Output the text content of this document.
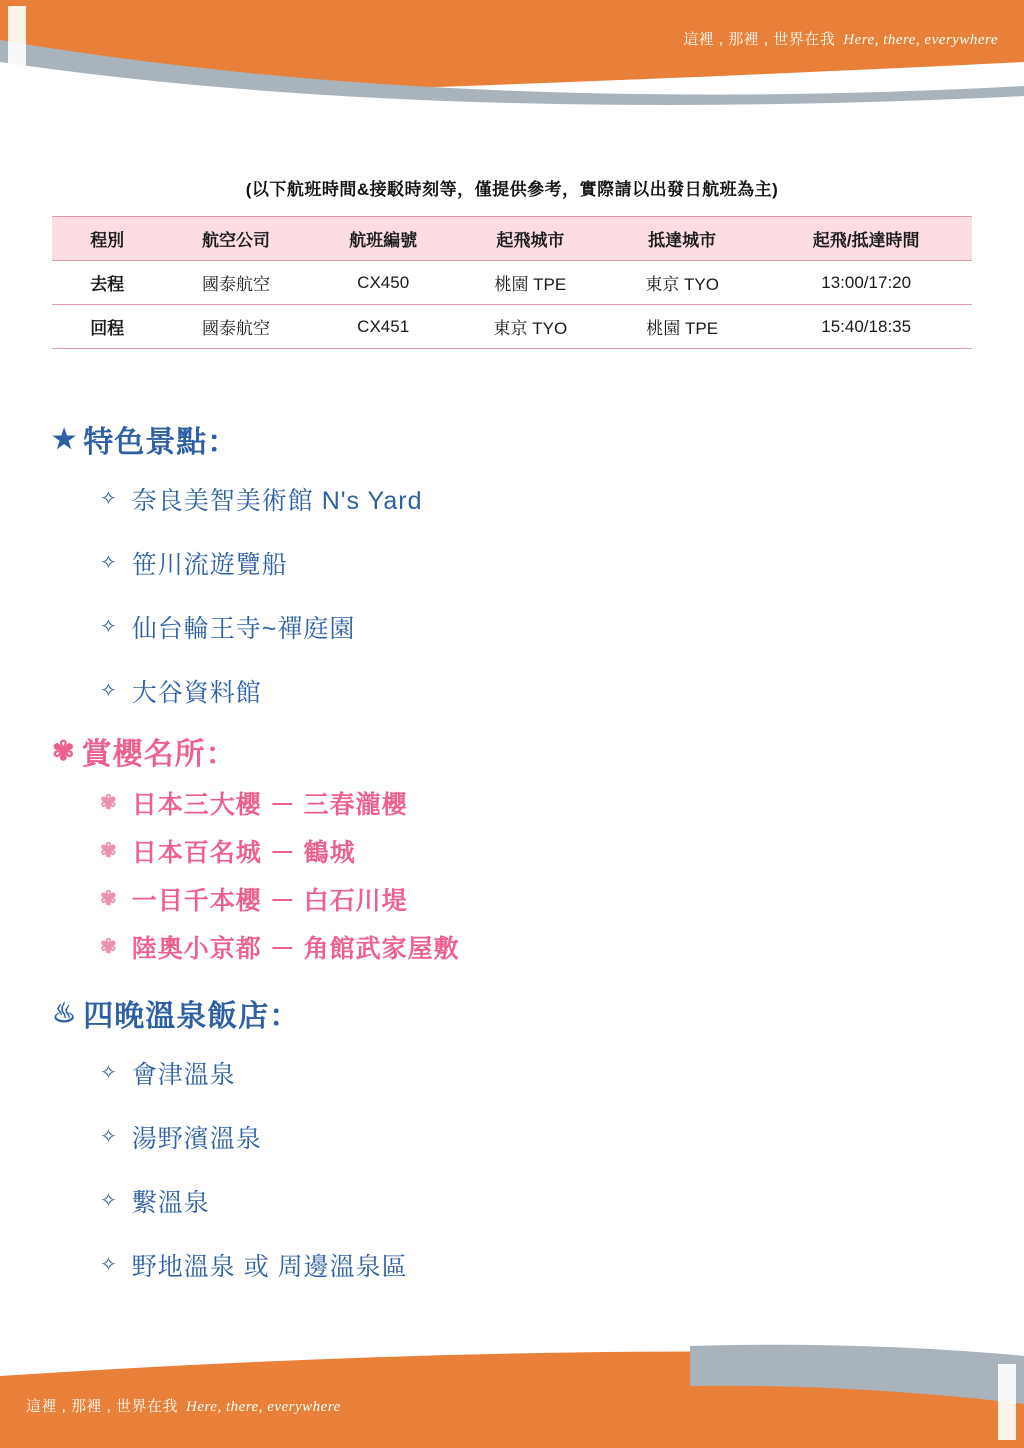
這裡 , 那裡 , 世界在我 Here, there, everywhere
(以下航班時間&接駁時刻等，僅提供參考，實際請以出發日航班為主)
程別	航空公司	航班編號	起飛城市	抵達城市	起飛/抵達時間
去程	國泰航空	CX450	桃園 TPE	東京 TYO	13:00/17:20
回程	國泰航空	CX451	東京 TYO	桃園 TPE	15:40/18:35
★ 特色景點：
✧ 奈良美智美術館 N's Yard
✧ 笹川流遊覽船
✧ 仙台輪王寺~禪庭園
✧ 大谷資料館
✾ 賞櫻名所：
✾ 日本三大櫻 － 三春瀧櫻
✾ 日本百名城 － 鶴城
✾ 一目千本櫻 － 白石川堤
✾ 陸奧小京都 － 角館武家屋敷
♨ 四晚溫泉飯店：
✧ 會津溫泉
✧ 湯野濱溫泉
✧ 繫溫泉
✧ 野地溫泉 或 周邊溫泉區
這裡 , 那裡 , 世界在我 Here, there, everywhere
